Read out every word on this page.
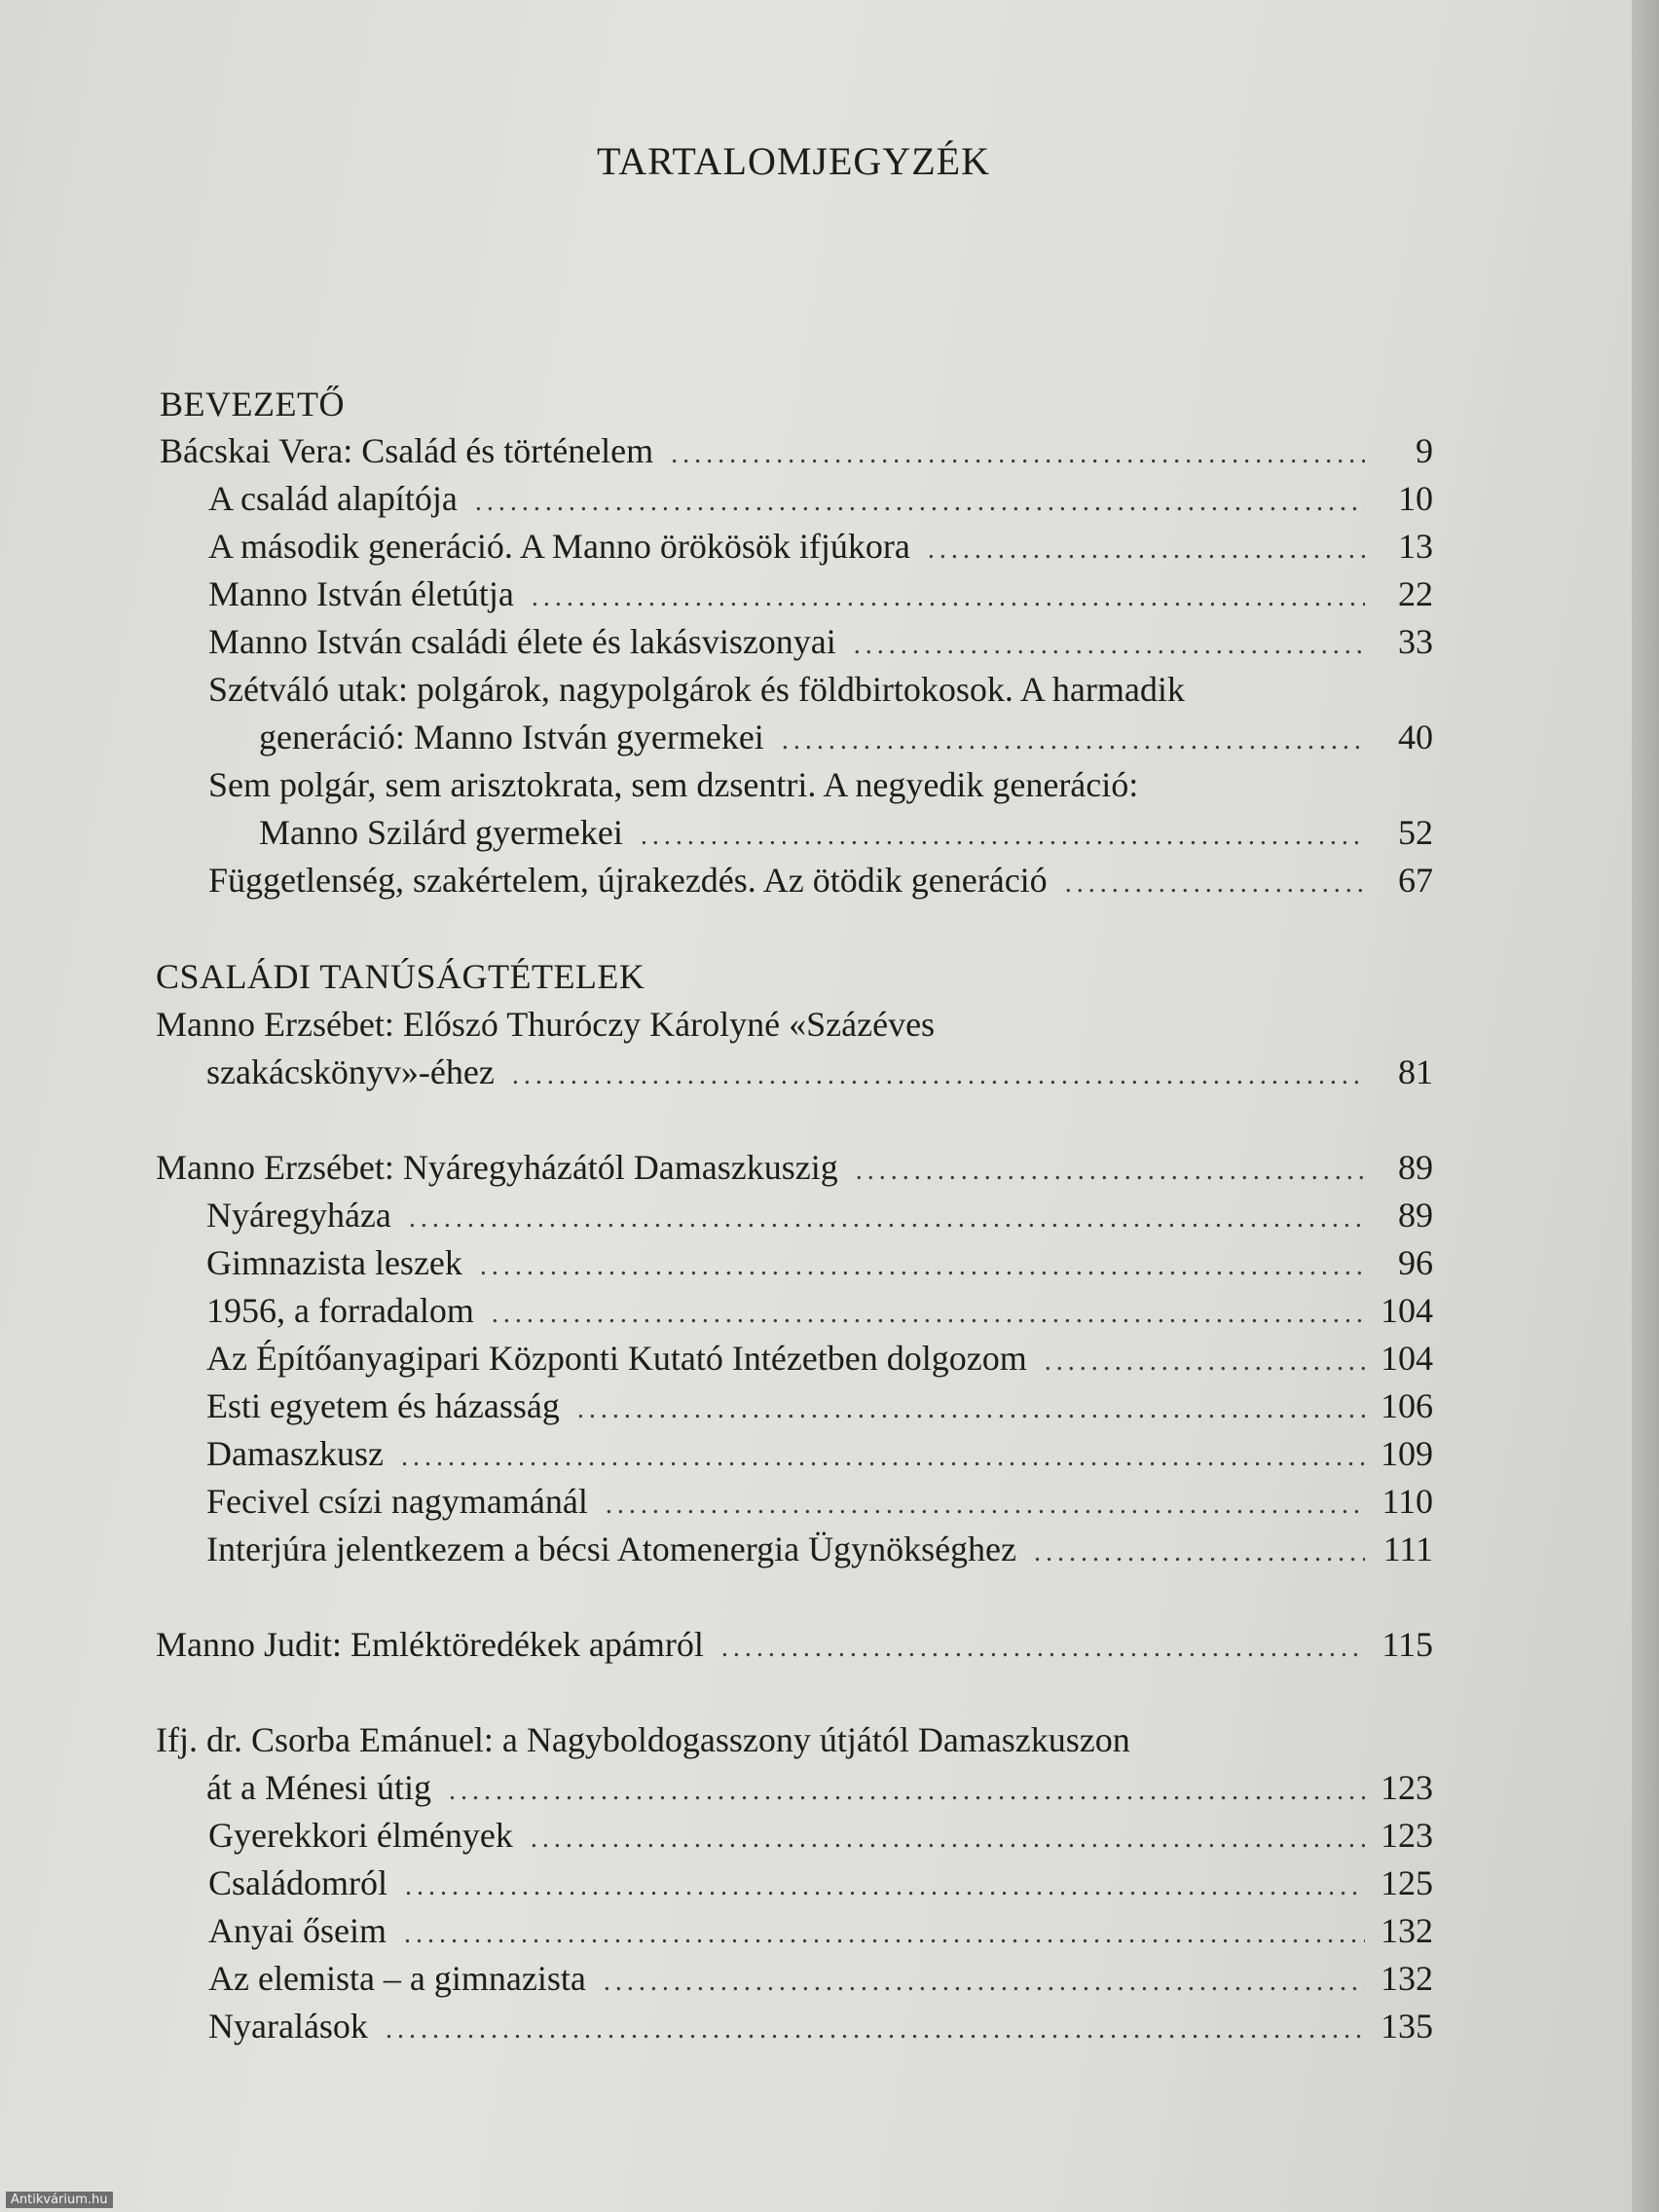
TARTALOMJEGYZÉK
BEVEZETŐ
Bácskai Vera: Család és történelem . . .	9
A család alapítója . . .	10
A második generáció. A Manno örökösök ifjúkora . . .	13
Manno István életútja . . .	22
Manno István családi élete és lakásviszonyai . . .	33
Szétváló utak: polgárok, nagypolgárok és földbirtokosok. A harmadik
generáció: Manno István gyermekei . . .	40
Sem polgár, sem arisztokrata, sem dzsentri. A negyedik generáció:
Manno Szilárd gyermekei . . .	52
Függetlenség, szakértelem, újrakezdés. Az ötödik generáció . . .	67
CSALÁDI TANÚSÁGTÉTELEK
Manno Erzsébet: Előszó Thuróczy Károlyné «Százéves
szakácskönyv»-éhez . . .	81
Manno Erzsébet: Nyáregyházától Damaszkuszig . . .	89
Nyáregyháza . . .	89
Gimnazista leszek . . .	96
1956, a forradalom . . .	104
Az Építőanyagipari Központi Kutató Intézetben dolgozom . . .	104
Esti egyetem és házasság . . .	106
Damaszkusz . . .	109
Fecivel csízi nagymamánál . . .	110
Interjúra jelentkezem a bécsi Atomenergia Ügynökséghez . . .	111
Manno Judit: Emléktöredékek apámról . . .	115
Ifj. dr. Csorba Emánuel: a Nagyboldogasszony útjától Damaszkuszon
át a Ménesi útig . . .	123
Gyerekkori élmények . . .	123
Családomról . . .	125
Anyai őseim . . .	132
Az elemista – a gimnazista . . .	132
Nyaralások . . .	135
Antikvárium.hu
